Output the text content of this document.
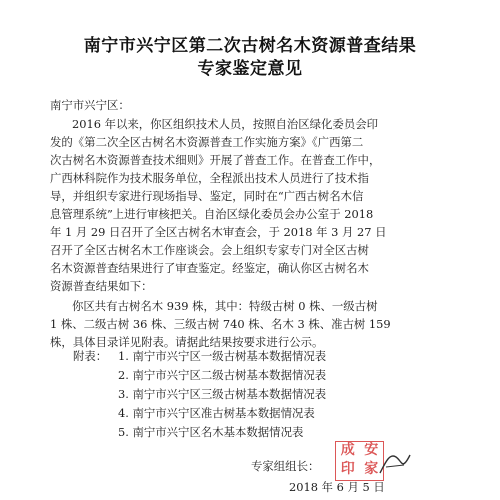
南宁市兴宁区第二次古树名木资源普查结果
专家鉴定意见
南宁市兴宁区：
2016 年以来，你区组织技术人员，按照自治区绿化委员会印
发的《第二次全区古树名木资源普查工作实施方案》《广西第二
次古树名木资源普查技术细则》开展了普查工作。在普查工作中，
广西林科院作为技术服务单位，全程派出技术人员进行了技术指
导，并组织专家进行现场指导、鉴定，同时在“广西古树名木信
息管理系统”上进行审核把关。自治区绿化委员会办公室于 2018
年 1 月 29 日召开了全区古树名木审查会，于 2018 年 3 月 27 日
召开了全区古树名木工作座谈会。会上组织专家专门对全区古树
名木资源普查结果进行了审查鉴定。经鉴定，确认你区古树名木
资源普查结果如下：
你区共有古树名木 939 株，其中：特级古树 0 株、一级古树
1 株、二级古树 36 株、三级古树 740 株、名木 3 株、准古树 159
株，具体目录详见附表。请据此结果按要求进行公示。
附表： 1. 南宁市兴宁区一级古树基本数据情况表
2. 南宁市兴宁区二级古树基本数据情况表
3. 南宁市兴宁区三级古树基本数据情况表
4. 南宁市兴宁区准古树基本数据情况表
5. 南宁市兴宁区名木基本数据情况表
专家组组长：
成 安
印 家
2018 年 6 月 5 日
